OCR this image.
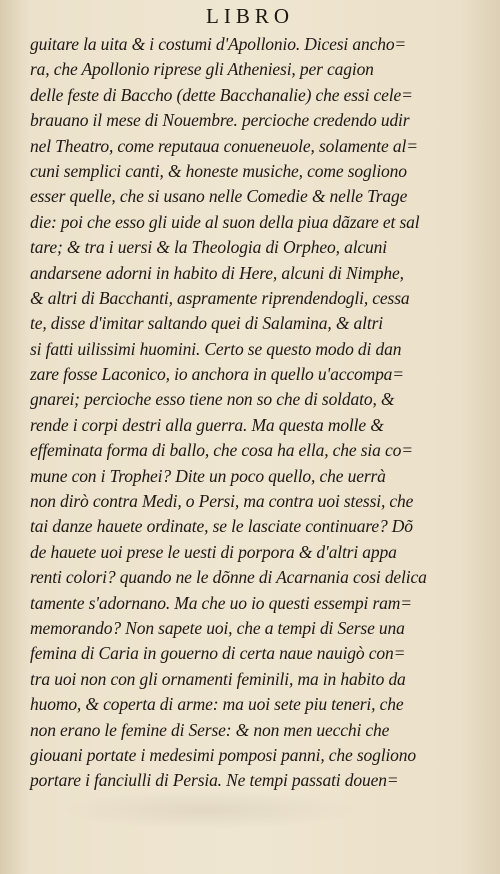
LIBRO
guitare la uita & i costumi d'Apollonio. Dicesi ancho=
ra, che Apollonio riprese gli Atheniesi, per cagion
delle feste di Baccho (dette Bacchanalie) che essi cele=
brauano il mese di Nouembre. percioche credendo udir
nel Theatro, come reputaua conueneuole, solamente al=
cuni semplici canti, & honeste musiche, come sogliono
esser quelle, che si usano nelle Comedie & nelle Trage
die: poi che esso gli uide al suon della piua dãzare et sal
tare; & tra i uersi & la Theologia di Orpheo, alcuni
andarsene adorni in habito di Here, alcuni di Nimphe,
& altri di Bacchanti, aspramente riprendendogli, cessa
te, disse d'imitar saltando quei di Salamina, & altri
si fatti uilissimi huomini. Certo se questo modo di dan
zare fosse Laconico, io anchora in quello u'accompa=
gnarei; percioche esso tiene non so che di soldato, &
rende i corpi destri alla guerra. Ma questa molle &
effeminata forma di ballo, che cosa ha ella, che sia co=
mune con i Trophei? Dite un poco quello, che uerrà
non dirò contra Medi, o Persi, ma contra uoi stessi, che
tai danze hauete ordinate, se le lasciate continuare? Dõ
de hauete uoi prese le uesti di porpora & d'altri appa
renti colori? quando ne le dõnne di Acarnania cosi delica
tamente s'adornano. Ma che uo io questi essempi ram=
memorando? Non sapete uoi, che a tempi di Serse una
femina di Caria in gouerno di certa naue nauigò con=
tra uoi non con gli ornamenti feminili, ma in habito da
huomo, & coperta di arme: ma uoi sete piu teneri, che
non erano le femine di Serse: & non men uecchi che
giouani portate i medesimi pomposi panni, che sogliono
portare i fanciulli di Persia. Ne tempi passati douen=
